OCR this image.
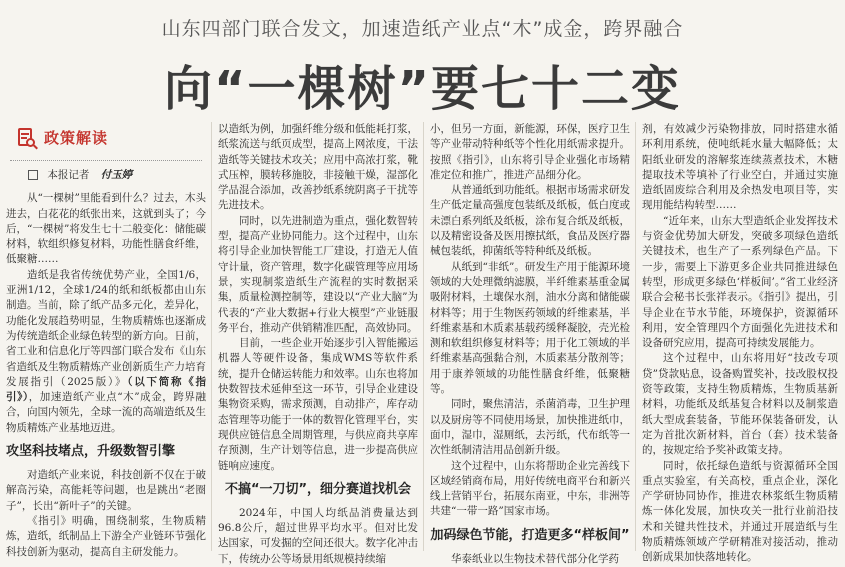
山东四部门联合发文，加速造纸产业点“木”成金，跨界融合
向“一棵树”要七十二变
政策解读
本报记者 付玉婷

从“一棵树”里能看到什么？过去，木头进去，白花花的纸张出来，这就到头了；今后，“一棵树”将发生七十二般变化：储能碳材料，软组织修复材料，功能性膳食纤维，低聚糖……

造纸是我省传统优势产业，全国1/6，亚洲1/12，全球1/24的纸和纸板都由山东制造。当前，除了纸产品多元化，差异化，功能化发展趋势明显，生物质精炼也逐渐成为传统造纸企业绿色转型的新方向。日前，省工业和信息化厅等四部门联合发布《山东省造纸及生物质精炼产业创新质生产力培育发展指引（2025版）》（以下简称《指引》），加速造纸产业点“木”成金，跨界融合，向国内领先，全球一流的高端造纸及生物质精炼产业基地迈进。

攻坚科技堵点，升级数智引擎

对造纸产业来说，科技创新不仅在于破解高污染，高能耗等问题，也是跳出“老圈子”，长出“新叶子”的关键。

《指引》明确，围绕制浆，生物质精炼，造纸，纸制品上下游全产业链环节强化科技创新为驱动，提高自主研发能力。

以造纸为例，加强纤维分级和低能耗打浆，纸浆流送与纸页成型，提高上网浓度，干法造纸等关键技术攻关；应用中高浓打浆，靴式压榨，膜转移施胶，非接触干燥，湿部化学品混合添加，改善抄纸系统阴离子干扰等先进技术。

同时，以先进制造为重点，强化数智转型，提高产业协同能力。这个过程中，山东将引导企业加快智能工厂建设，打造无人值守计量，资产管理，数字化碳管理等应用场景，实现制浆造纸生产流程的实时数据采集，质量检测控制等，建设以“产业大脑”为代表的“产业大数据+行业大模型”产业链服务平台，推动产供销精准匹配，高效协同。

目前，一些企业开始逐步引入智能搬运机器人等硬件设备，集成WMS等软件系统，提升仓储运转能力和效率。山东也将加快数智技术延伸至这一环节，引导企业建设集物资采购，需求预测，自动排产，库存动态管理等功能于一体的数智化管理平台，实现供应链信息全周期管理，与供应商共享库存预测，生产计划等信息，进一步提高供应链响应速度。

不搞“一刀切”，细分赛道找机会

2024年，中国人均纸品消费量达到96.8公斤，超过世界平均水平。但对比发达国家，可发掘的空间还很大。数字化冲击下，传统办公等场景用纸规模持续缩

小，但另一方面，新能源，环保，医疗卫生等产业带动特种纸等个性化用纸需求提升。按照《指引》，山东将引导企业强化市场精准定位和推广，推进产品细分化。

从普通纸到功能纸。根据市场需求研发生产低定量高强度包装纸及纸板，低白度或未漂白系列纸及纸板，涂布复合纸及纸板，以及精密设备及医用擦拭纸，食品及医疗器械包装纸，抑菌纸等特种纸及纸板。

从纸到“非纸”。研发生产用于能源环境领域的大处理微纳滤膜，半纤维素基重金属吸附材料，土壤保水剂，油水分离和储能碳材料等；用于生物医药领域的纤维素基，半纤维素基和木质素基载药缓释凝胶，壳光检测和软组织修复材料等；用于化工领域的半纤维素基高强黏合剂，木质素基分散剂等；用于康养领域的功能性膳食纤维，低聚糖等。

同时，聚焦清洁，杀菌消毒，卫生护理以及厨房等不同使用场景，加快推进纸巾，面巾，湿巾，湿厕纸，去污纸，代布纸等一次性纸制清洁用品创新升级。

这个过程中，山东将帮助企业完善线下区域经销商布局，用好传统电商平台和新兴线上营销平台，拓展东南亚，中东，非洲等共建“一带一路”国家市场。

加码绿色节能，打造更多“样板间”

华泰纸业以生物技术替代部分化学药

剂，有效减少污染物排放，同时搭建水循环利用系统，使吨纸耗水量大幅降低；太阳纸业研发的溶解浆连续蒸煮技术，木糖提取技术等填补了行业空白，并通过实施造纸固废综合利用及余热发电项目等，实现用能结构转型……

“近年来，山东大型造纸企业发挥技术与资金优势加大研发，突破多项绿色造纸关键技术，也生产了一系列绿色产品。下一步，需要上下游更多企业共同推进绿色转型，形成更多绿色‘样板间’。”省工业经济联合会秘书长张祥表示。《指引》提出，引导企业在节水节能，环境保护，资源循环利用，安全管理四个方面强化先进技术和设备研究应用，提高可持续发展能力。

这个过程中，山东将用好“技改专项贷”贷款贴息，设备购置奖补，技改股权投资等政策，支持生物质精炼，生物质基新材料，功能纸及纸基复合材料以及制浆造纸大型成套装备，节能环保装备研发，认定为首批次新材料，首台（套）技术装备的，按规定给予奖补政策支持。

同时，依托绿色造纸与资源循环全国重点实验室，有关高校，重点企业，深化产学研协同协作，推进农林浆纸生物质精炼一体化发展，加快攻关一批行业前沿技术和关键共性技术，并通过开展造纸与生物质精炼领域产学研精准对接活动，推动创新成果加快落地转化。
